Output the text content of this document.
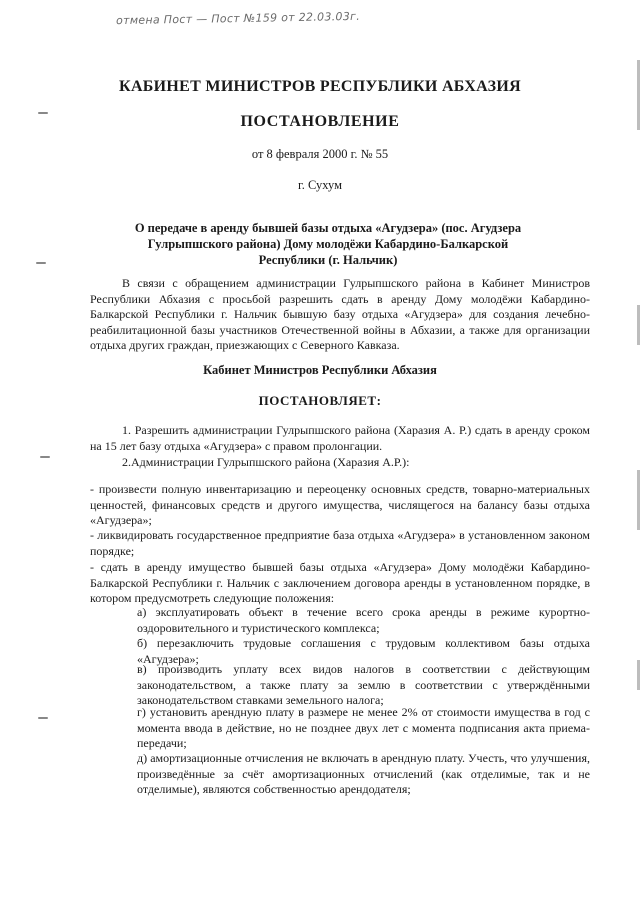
отмена Пост — Пост №159 от 22.03.03г.
КАБИНЕТ МИНИСТРОВ РЕСПУБЛИКИ АБХАЗИЯ
ПОСТАНОВЛЕНИЕ
от 8 февраля 2000 г. № 55
г. Сухум
О передаче в аренду бывшей базы отдыха «Агудзера» (пос. Агудзера Гулрыпшского района) Дому молодёжи Кабардино-Балкарской Республики (г. Нальчик)
В связи с обращением администрации Гулрыпшского района в Кабинет Министров Республики Абхазия с просьбой разрешить сдать в аренду Дому молодёжи Кабардино-Балкарской Республики г. Нальчик бывшую базу отдыха «Агудзера» для создания лечебно-реабилитационной базы участников Отечественной войны в Абхазии, а также для организации отдыха других граждан, приезжающих с Северного Кавказа.
Кабинет Министров Республики Абхазия
ПОСТАНОВЛЯЕТ:
1. Разрешить администрации Гулрыпшского района (Харазия А. Р.) сдать в аренду сроком на 15 лет базу отдыха «Агудзера» с правом пролонгации.
2.Администрации Гулрыпшского района (Харазия А.Р.):
- произвести полную инвентаризацию и переоценку основных средств, товарно-материальных ценностей, финансовых средств и другого имущества, числящегося на балансу базы отдыха «Агудзера»;
- ликвидировать государственное предприятие база отдыха «Агудзера» в установленном законом порядке;
- сдать в аренду имущество бывшей базы отдыха «Агудзера» Дому молодёжи Кабардино-Балкарской Республики г. Нальчик с заключением договора аренды в установленном порядке, в котором предусмотреть следующие положения:
а) эксплуатировать объект в течение всего срока аренды в режиме курортно-оздоровительного и туристического комплекса;
б) перезаключить трудовые соглашения с трудовым коллективом базы отдыха «Агудзера»;
в) производить уплату всех видов налогов в соответствии с действующим законодательством, а также плату за землю в соответствии с утверждёнными законодательством ставками земельного налога;
г) установить арендную плату в размере не менее 2% от стоимости имущества в год с момента ввода в действие, но не позднее двух лет с момента подписания акта приема-передачи;
д) амортизационные отчисления не включать в арендную плату. Учесть, что улучшения, произведённые за счёт амортизационных отчислений (как отделимые, так и не отделимые), являются собственностью арендодателя;
